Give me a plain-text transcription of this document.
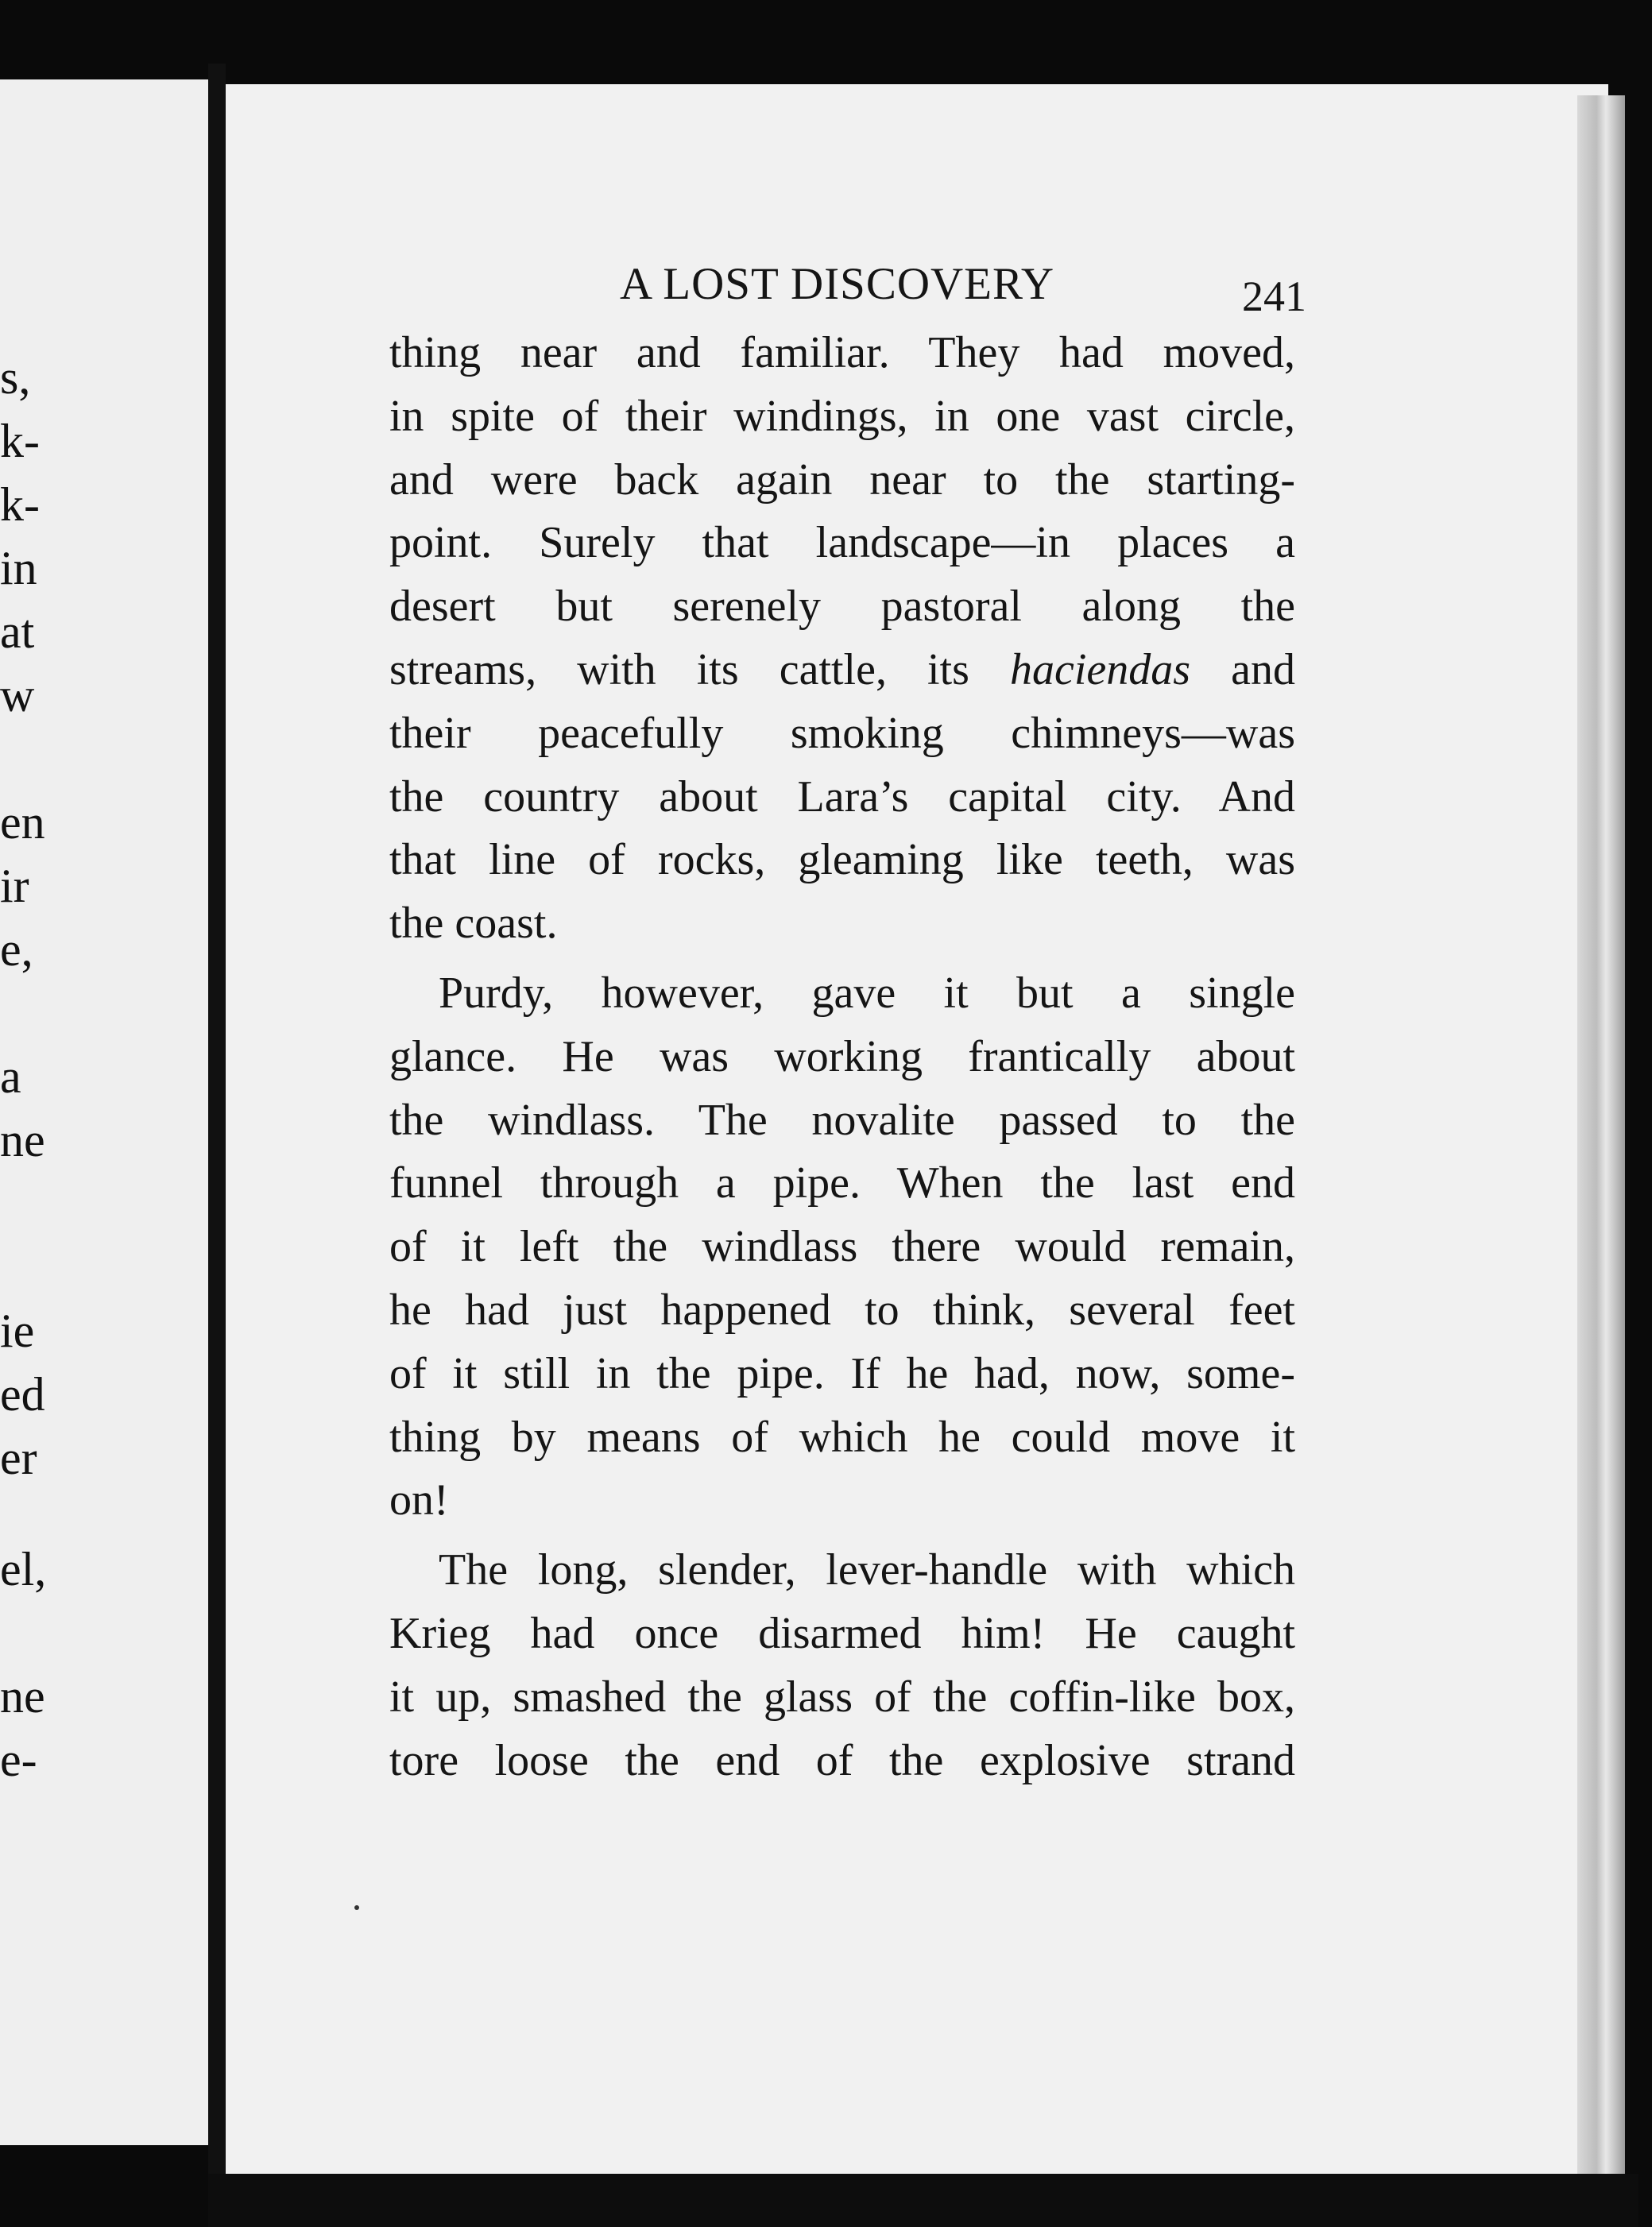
s,
k-
k-
in
at
w
en
ir
e,
a
ne
ie
ed
er
el,
ne
e-
A LOST DISCOVERY	241
thing near and familiar. They had moved,
in spite of their windings, in one vast circle,
and were back again near to the starting-
point. Surely that landscape—in places a
desert but serenely pastoral along the
streams, with its cattle, its haciendas and
their peacefully smoking chimneys—was
the country about Lara’s capital city. And
that line of rocks, gleaming like teeth, was
the coast.
Purdy, however, gave it but a single
glance. He was working frantically about
the windlass. The novalite passed to the
funnel through a pipe. When the last end
of it left the windlass there would remain,
he had just happened to think, several feet
of it still in the pipe. If he had, now, some-
thing by means of which he could move it
on!
The long, slender, lever-handle with which
Krieg had once disarmed him! He caught
it up, smashed the glass of the coffin-like box,
tore loose the end of the explosive strand
